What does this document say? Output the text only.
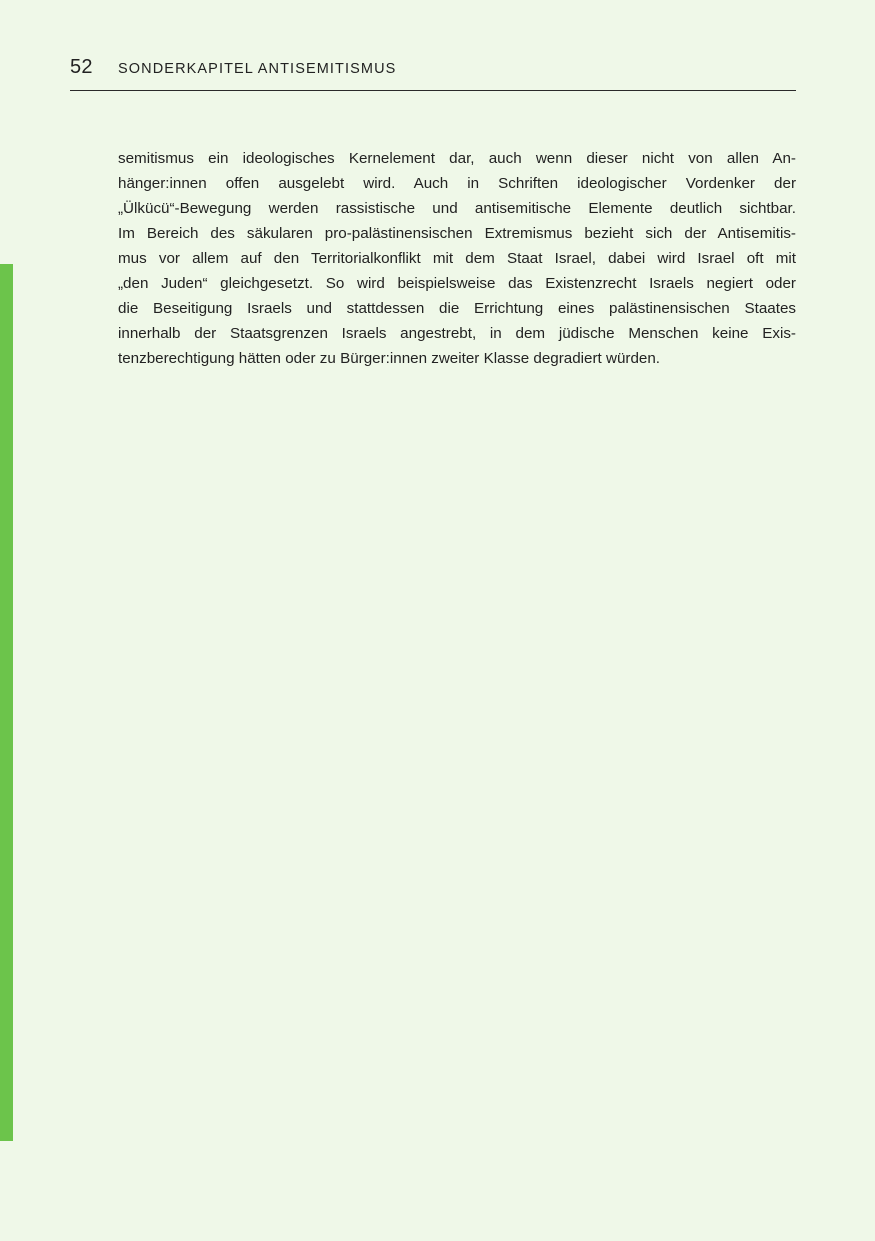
52 SONDERKAPITEL ANTISEMITISMUS
semitismus ein ideologisches Kernelement dar, auch wenn dieser nicht von allen An-
hänger:innen offen ausgelebt wird. Auch in Schriften ideologischer Vordenker der
„Ülkücü“-Bewegung werden rassistische und antisemitische Elemente deutlich sichtbar.
Im Bereich des säkularen pro-palästinensischen Extremismus bezieht sich der Antisemitis-
mus vor allem auf den Territorialkonflikt mit dem Staat Israel, dabei wird Israel oft mit
„den Juden“ gleichgesetzt. So wird beispielsweise das Existenzrecht Israels negiert oder
die Beseitigung Israels und stattdessen die Errichtung eines palästinensischen Staates
innerhalb der Staatsgrenzen Israels angestrebt, in dem jüdische Menschen keine Exis-
tenzberechtigung hätten oder zu Bürger:innen zweiter Klasse degradiert würden.
